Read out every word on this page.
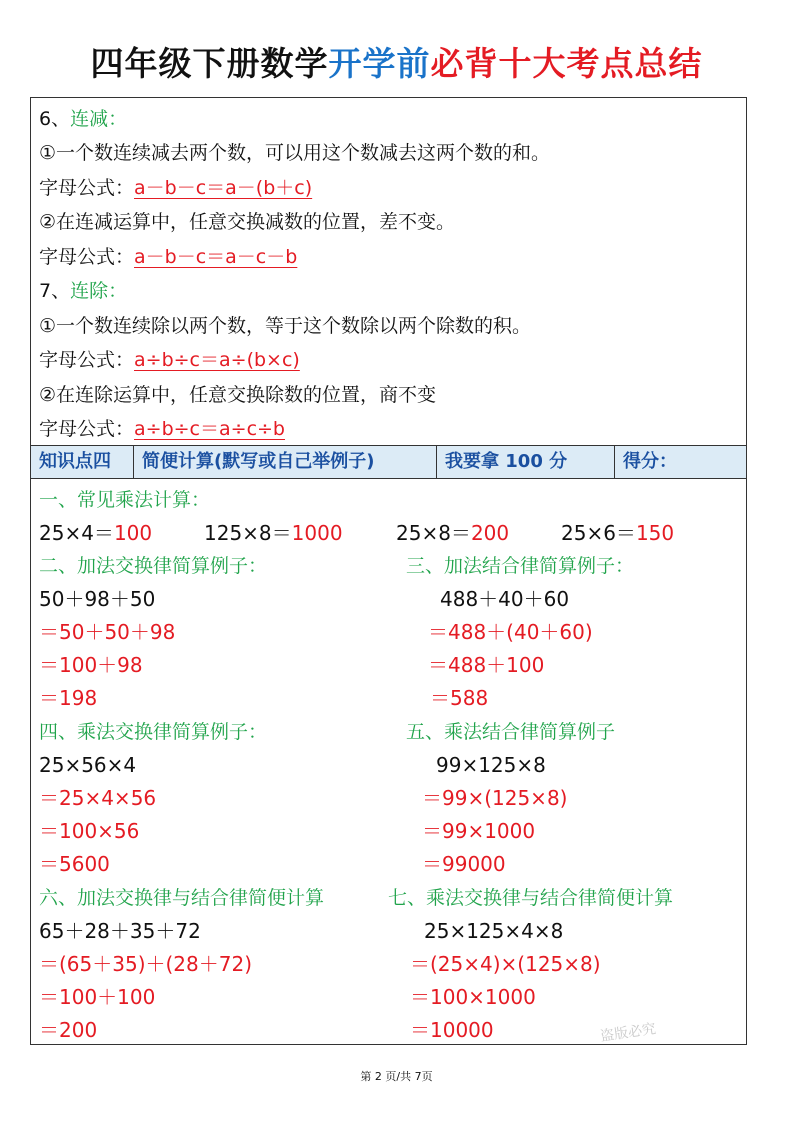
四年级下册数学开学前必背十大考点总结
6、连减：
①一个数连续减去两个数，可以用这个数减去这两个数的和。
字母公式：a－b－c＝a－(b＋c)
②在连减运算中，任意交换减数的位置，差不变。
字母公式：a－b－c＝a－c－b
7、连除：
①一个数连续除以两个数，等于这个数除以两个除数的积。
字母公式：a÷b÷c＝a÷(b×c)
②在连除运算中，任意交换除数的位置，商不变
字母公式：a÷b÷c＝a÷c÷b
知识点四	简便计算(默写或自己举例子)	我要拿 100 分	得分：
一、常见乘法计算：
25×4＝100	125×8＝1000	25×8＝200	25×6＝150
二、加法交换律简算例子：	三、加法结合律简算例子：
50＋98＋50	488＋40＋60
＝50＋50＋98	＝488＋(40＋60)
＝100＋98	＝488＋100
＝198	＝588
四、乘法交换律简算例子：	五、乘法结合律简算例子
25×56×4	99×125×8
＝25×4×56	＝99×(125×8)
＝100×56	＝99×1000
＝5600	＝99000
六、加法交换律与结合律简便计算	七、乘法交换律与结合律简便计算
65＋28＋35＋72	25×125×4×8
＝(65＋35)＋(28＋72)	＝(25×4)×(125×8)
＝100＋100	＝100×1000
＝200	＝10000	盗版必究
第 2 页/共 7页
